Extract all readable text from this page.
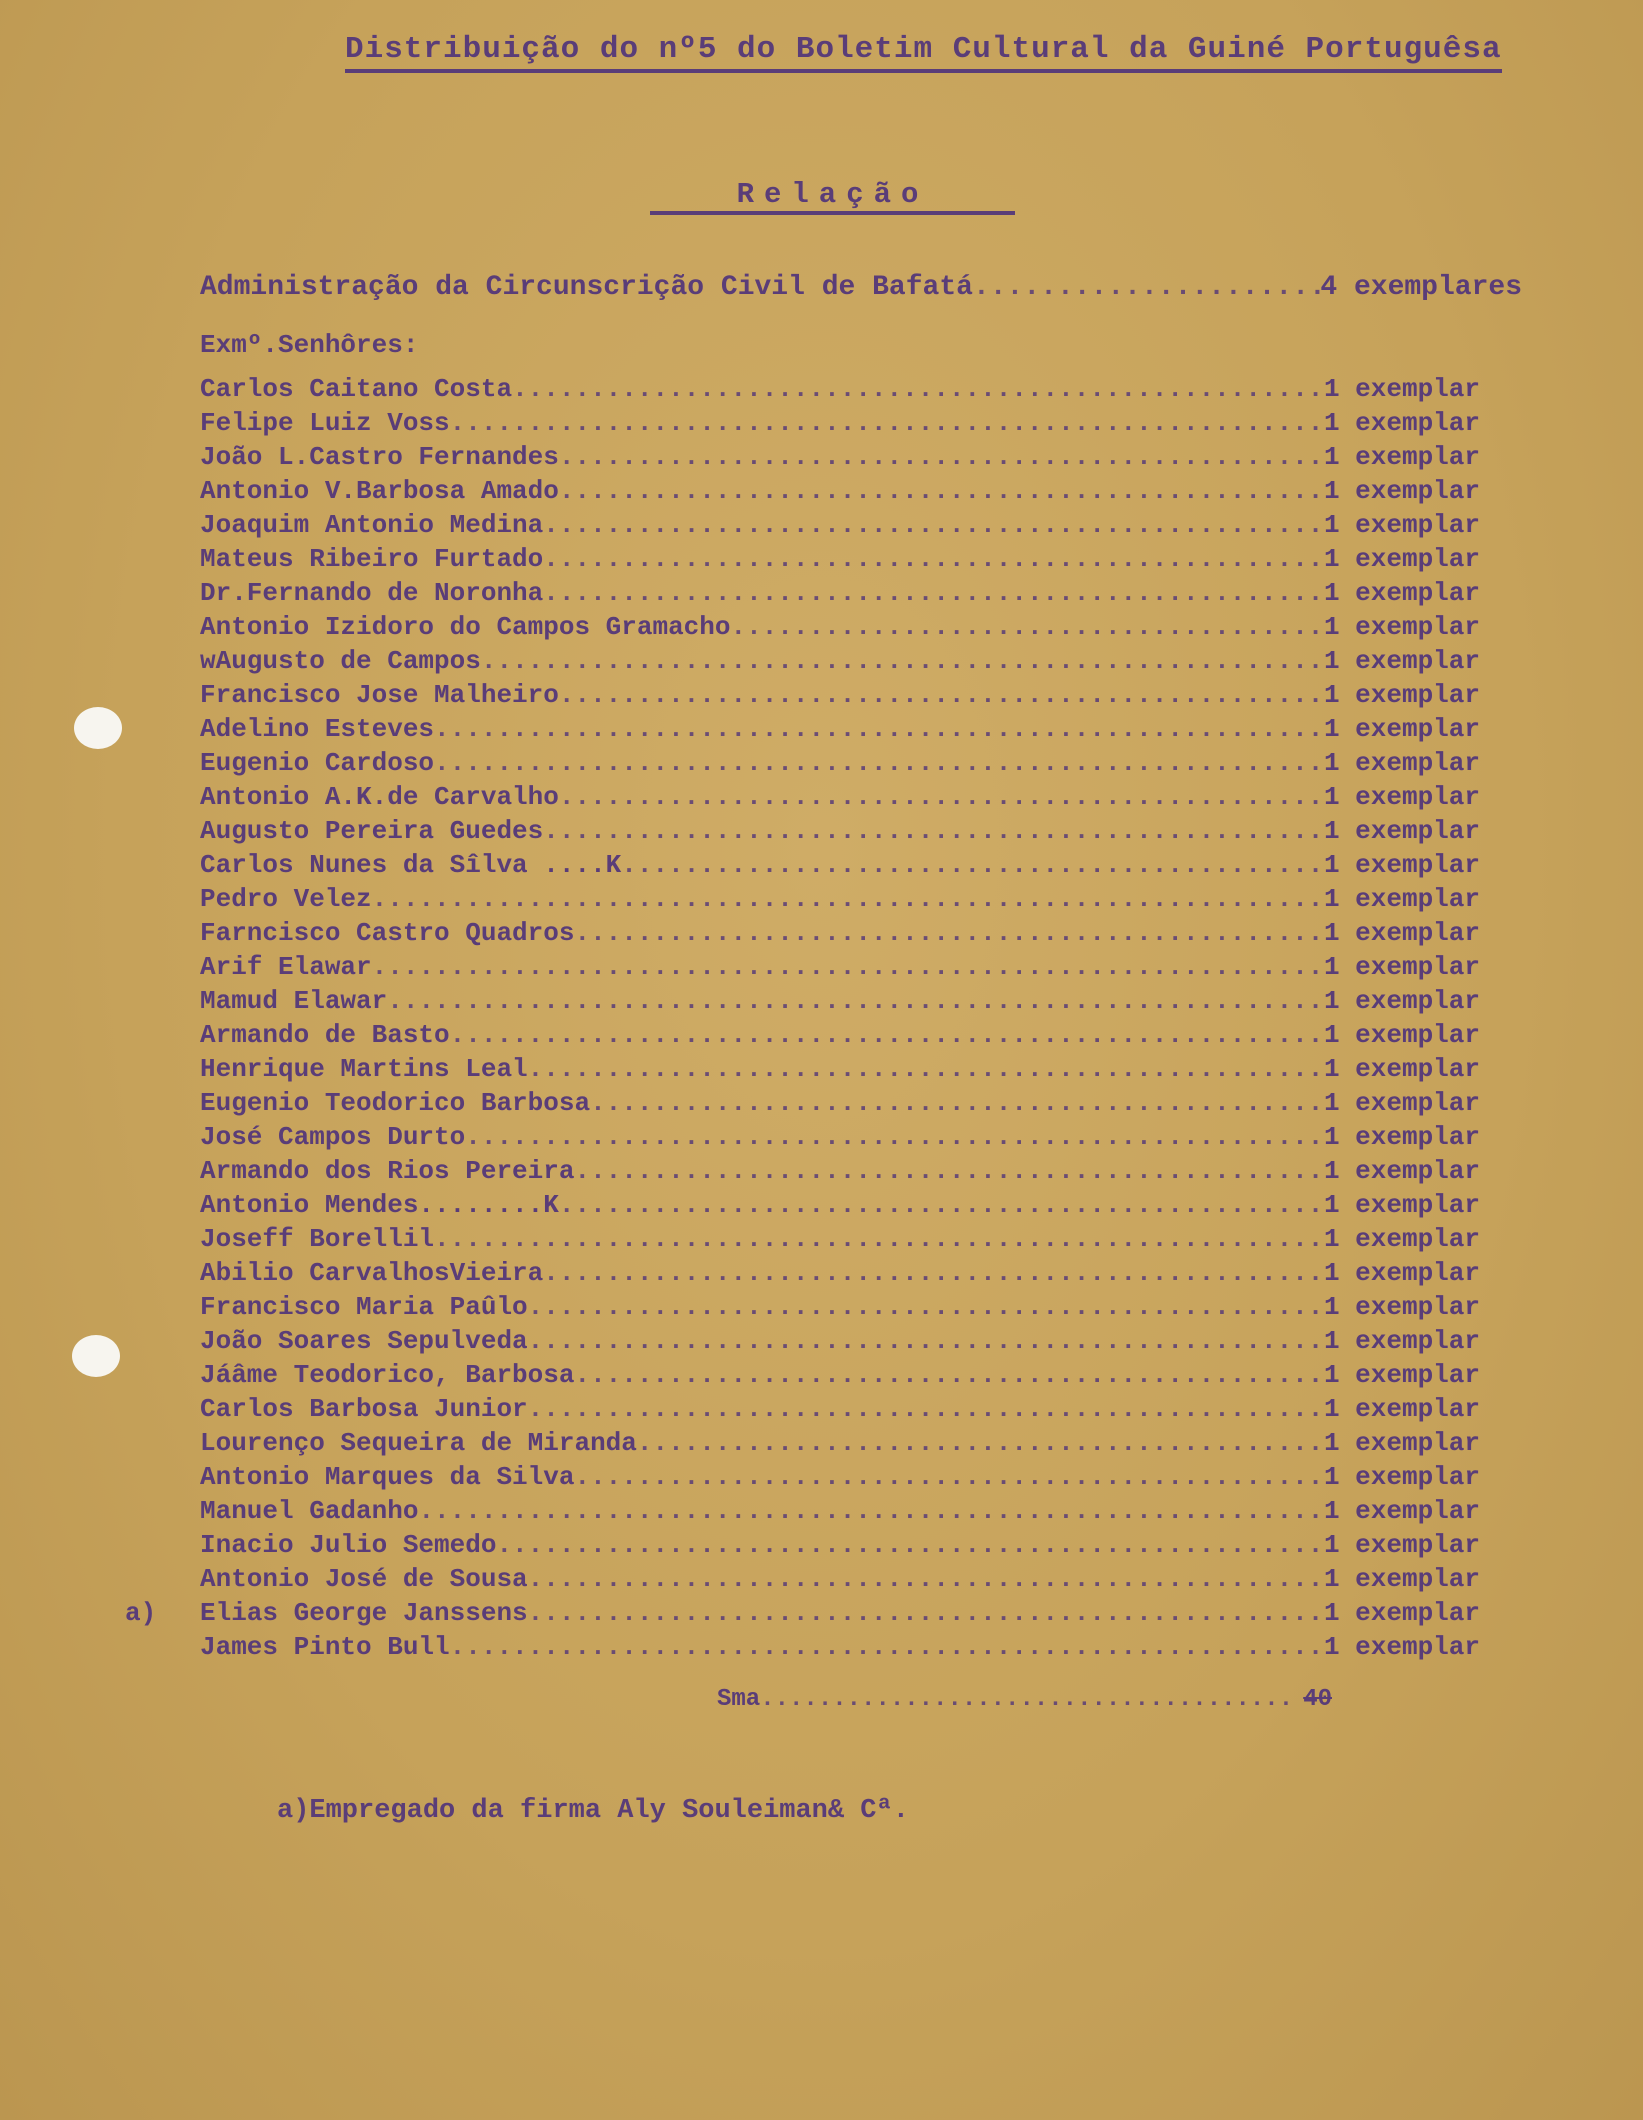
Distribuição do nº5 do Boletim Cultural da Guiné Portuguêsa
Relação
Administração da Circunscrição Civil de Bafatá .....	4 exemplares
Exmº.Senhôres:
Carlos Caitano Costa .....	1 exemplar
Felipe Luiz Voss .....	1 exemplar
João L.Castro Fernandes .....	1 exemplar
Antonio V.Barbosa Amado .....	1 exemplar
Joaquim Antonio Medina .....	1 exemplar
Mateus Ribeiro Furtado .....	1 exemplar
Dr.Fernando de Noronha .....	1 exemplar
Antonio Izidoro do Campos Gramacho .....	1 exemplar
wAugusto de Campos .....	1 exemplar
Francisco Jose Malheiro .....	1 exemplar
Adelino Esteves .....	1 exemplar
Eugenio Cardoso .....	1 exemplar
Antonio A.K.de Carvalho .....	1 exemplar
Augusto Pereira Guedes .....	1 exemplar
Carlos Nunes da Sîlva ....K .....	1 exemplar
Pedro Velez .....	1 exemplar
Farncisco Castro Quadros .....	1 exemplar
Arif Elawar .....	1 exemplar
Mamud Elawar .....	1 exemplar
Armando de Basto .....	1 exemplar
Henrique Martins Leal .....	1 exemplar
Eugenio Teodorico Barbosa .....	1 exemplar
José Campos Durto .....	1 exemplar
Armando dos Rios Pereira .....	1 exemplar
Antonio Mendes........K .....	1 exemplar
Joseff Borellil .....	1 exemplar
Abilio CarvalhosVieira .....	1 exemplar
Francisco Maria Paûlo .....	1 exemplar
João Soares Sepulveda .....	1 exemplar
Jáâme Teodorico, Barbosa .....	1 exemplar
Carlos Barbosa Junior .....	1 exemplar
Lourenço Sequeira de Miranda .....	1 exemplar
Antonio Marques da Silva .....	1 exemplar
Manuel Gadanho .....	1 exemplar
Inacio Julio Semedo .....	1 exemplar
Antonio José de Sousa .....	1 exemplar
a) Elias George Janssens .....	1 exemplar
James Pinto Bull .....	1 exemplar
Sma .....	40
a)Empregado da firma Aly Souleiman& Cª.
